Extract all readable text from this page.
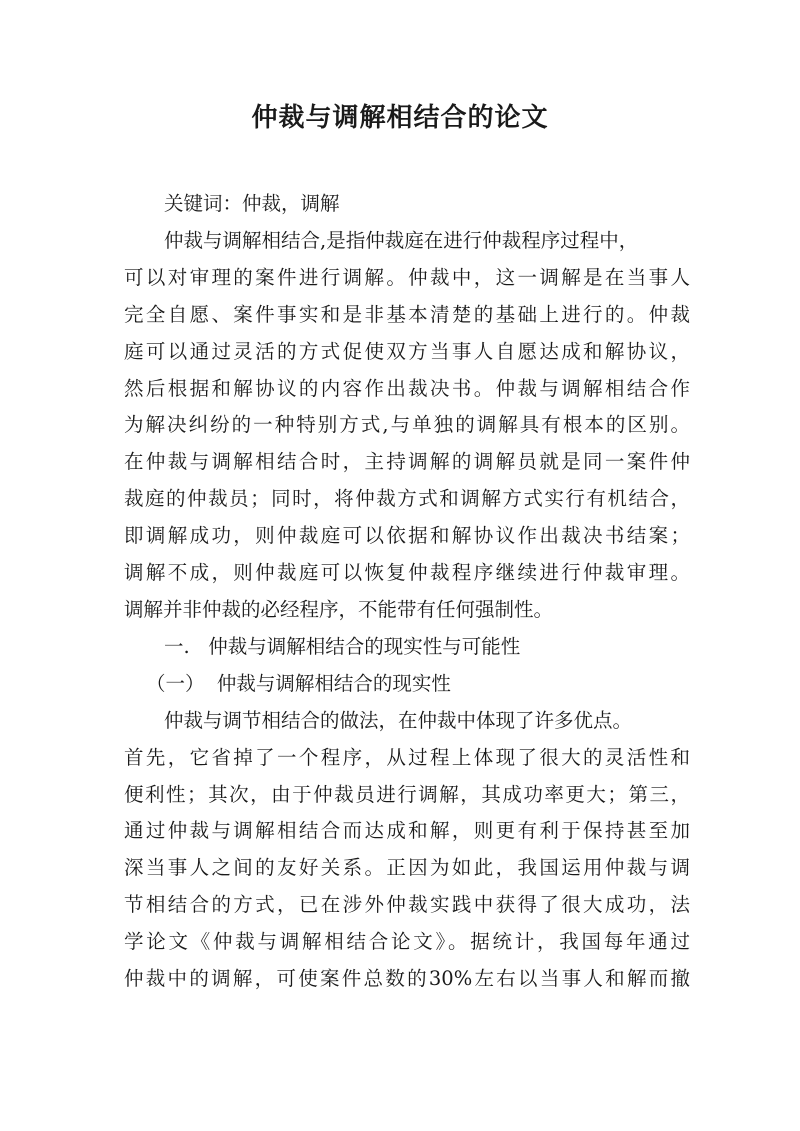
仲裁与调解相结合的论文
关键词：仲裁，调解
仲裁与调解相结合,是指仲裁庭在进行仲裁程序过程中，
可以对审理的案件进行调解。仲裁中，这一调解是在当事人
完全自愿、案件事实和是非基本清楚的基础上进行的。仲裁
庭可以通过灵活的方式促使双方当事人自愿达成和解协议，
然后根据和解协议的内容作出裁决书。仲裁与调解相结合作
为解决纠纷的一种特别方式,与单独的调解具有根本的区别。
在仲裁与调解相结合时，主持调解的调解员就是同一案件仲
裁庭的仲裁员；同时，将仲裁方式和调解方式实行有机结合，
即调解成功，则仲裁庭可以依据和解协议作出裁决书结案；
调解不成，则仲裁庭可以恢复仲裁程序继续进行仲裁审理。
调解并非仲裁的必经程序，不能带有任何强制性。
一.   仲裁与调解相结合的现实性与可能性
（一）  仲裁与调解相结合的现实性
仲裁与调节相结合的做法，在仲裁中体现了许多优点。
首先，它省掉了一个程序，从过程上体现了很大的灵活性和
便利性；其次，由于仲裁员进行调解，其成功率更大；第三，
通过仲裁与调解相结合而达成和解，则更有利于保持甚至加
深当事人之间的友好关系。正因为如此，我国运用仲裁与调
节相结合的方式，已在涉外仲裁实践中获得了很大成功，法
学论文《仲裁与调解相结合论文》。据统计，我国每年通过
仲裁中的调解，可使案件总数的30%左右以当事人和解而撤
